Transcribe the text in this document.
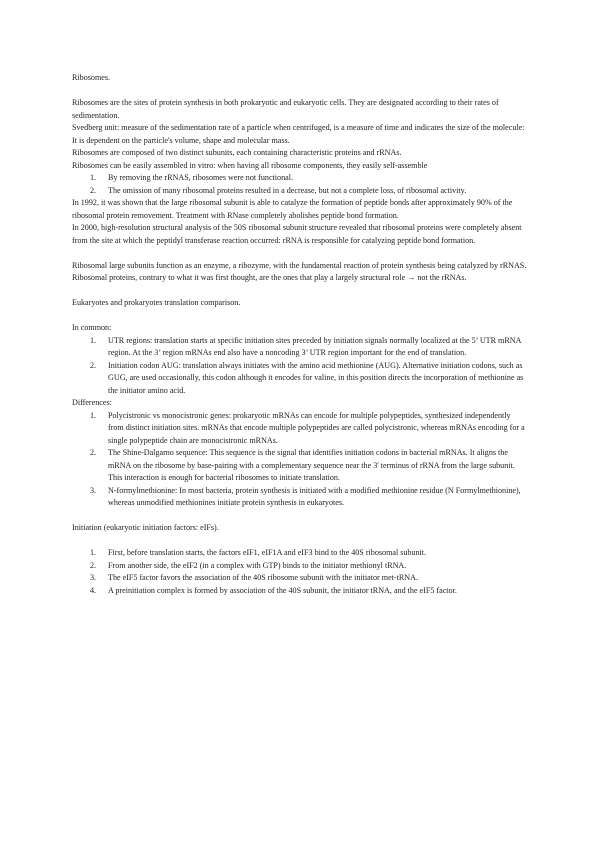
Ribosomes.

Ribosomes are the sites of protein synthesis in both prokaryotic and eukaryotic cells. They are designated according to their rates of sedimentation.

Svedberg unit: measure of the sedimentation rate of a particle when centrifuged, is a measure of time and indicates the size of the molecule: It is dependent on the particle's volume, shape and molecular mass.

Ribosomes are composed of two distinct subunits, each containing characteristic proteins and rRNAs.

Ribosomes can be easily assembled in vitro: when having all ribosome components, they easily self-assemble

1. By removing the rRNAS, ribosomes were not functional.
2. The omission of many ribosomal proteins resulted in a decrease, but not a complete loss, of ribosomal activity.

In 1992, it was shown that the large ribosomal subunit is able to catalyze the formation of peptide bonds after approximately 90% of the ribosomal protein removement. Treatment with RNase completely abolishes peptide bond formation.

In 2000, high-resolution structural analysis of the 50S ribosomal subunit structure revealed that ribosomal proteins were completely absent from the site at which the peptidyl transferase reaction occurred: rRNA is responsible for catalyzing peptide bond formation.

Ribosomal large subunits function as an enzyme, a ribozyme, with the fundamental reaction of protein synthesis being catalyzed by rRNAS. Ribosomal proteins, contrary to what it was first thought, are the ones that play a largely structural role → not the rRNAs.

Eukaryotes and prokaryotes translation comparison.

In common:

1. UTR regions: translation starts at specific initiation sites preceded by initiation signals normally localized at the 5’ UTR mRNA region. At the 3’ region mRNAs end also have a noncoding 3’ UTR region important for the end of translation.
2. Initiation codon AUG: translation always initiates with the amino acid methionine (AUG). Alternative initiation codons, such as GUG, are used occasionally, this codon although it encodes for valine, in this position directs the incorporation of methionine as the initiator amino acid.

Differences:

1. Polycistronic vs monocistronic genes: prokaryotic mRNAs can encode for multiple polypeptides, synthesized independently from distinct initiation sites. mRNAs that encode multiple polypeptides are called polycistronic, whereas mRNAs encoding for a single polypeptide chain are monocistronic mRNAs.
2. The Shine-Dalgarno sequence: This sequence is the signal that identifies initiation codons in bacterial mRNAs. It aligns the mRNA on the ribosome by base-pairing with a complementary sequence near the 3' terminus of rRNA from the large subunit. This interaction is enough for bacterial ribosomes to initiate translation.
3. N-formylmethionine: In most bacteria, protein synthesis is initiated with a modified methionine residue (N Formylmethionine), whereas unmodified methionines initiate protein synthesis in eukaryotes.

Initiation (eukaryotic initiation factors: eIFs).

1. First, before translation starts, the factors eIF1, eIF1A and eIF3 bind to the 40S ribosomal subunit.
2. From another side, the eIF2 (in a complex with GTP) binds to the initiator methionyl tRNA.
3. The eIF5 factor favors the association of the 40S ribosome subunit with the initiator met-tRNA.
4. A preinitiation complex is formed by association of the 40S subunit, the initiator tRNA, and the eIF5 factor.
